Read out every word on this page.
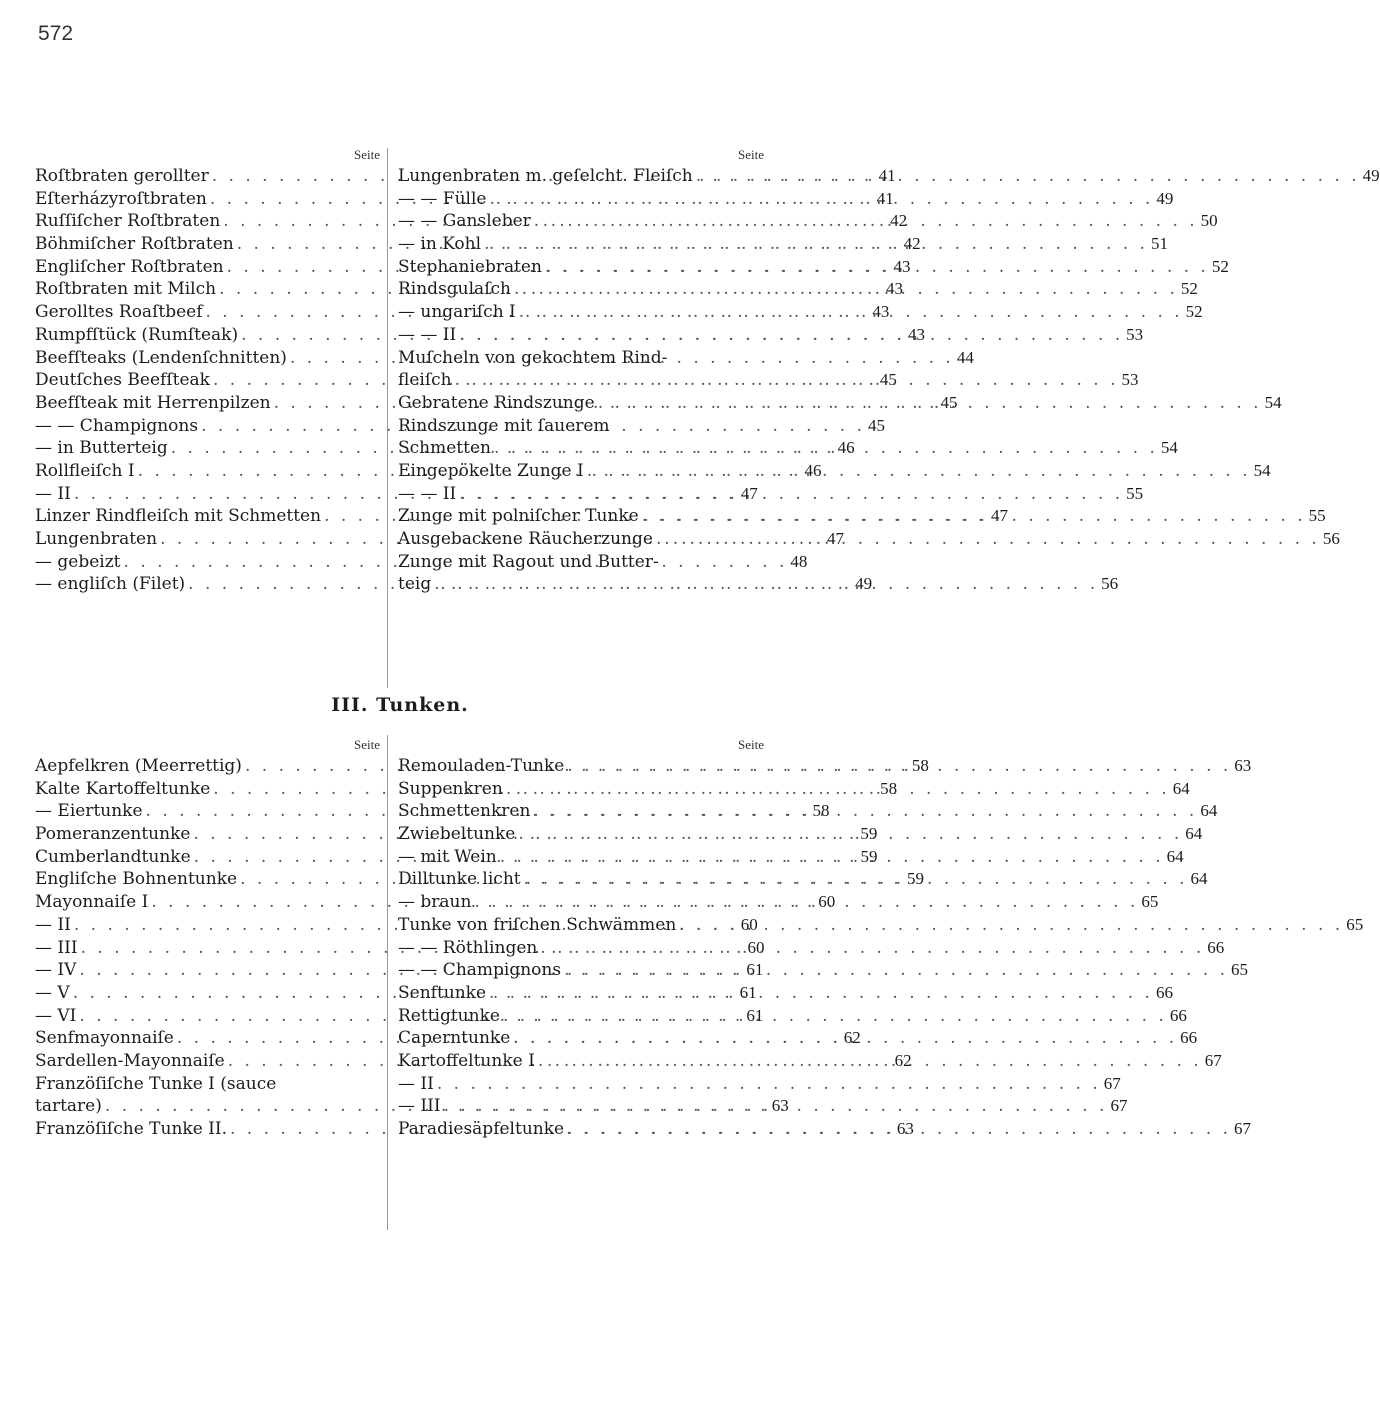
572
Seite
Roſtbraten gerollter . . .	41
Eſterházyroſtbraten . . .	41
Ruſſiſcher Roſtbraten . . .	42
Böhmiſcher Roſtbraten . . .	42
Engliſcher Roſtbraten . . .	43
Roſtbraten mit Milch . . .	43
Gerolltes Roaſtbeef . . .	43
Rumpfſtück (Rumſteak) . . .	43
Beefſteaks (Lendenſchnitten) . . .	44
Deutſches Beefſteak . . .	45
Beefſteak mit Herrenpilzen . . .	45
— — Champignons . . .	45
— in Butterteig . . .	46
Rollfleiſch I . . .	46
— II . . .	47
Linzer Rindfleiſch mit Schmetten . . .	47
Lungenbraten . . .	47
— gebeizt . . .	48
— engliſch (Filet) . . .	49
Seite
Lungenbraten m. geſelcht. Fleiſch . . .	49
— — Fülle . . .	49
— — Gansleber . . .	50
— in Kohl . . .	51
Stephaniebraten . . .	52
Rindsgulaſch . . .	52
— ungariſch I . . .	52
— — II . . .	53
Muſcheln von gekochtem Rind-
fleiſch . . .	53
Gebratene Rindszunge . . .	54
Rindszunge mit ſauerem
Schmetten . . .	54
Eingepökelte Zunge I . . .	54
— — II . . .	55
Zunge mit polniſcher Tunke . . .	55
Ausgebackene Räucherzunge . . .	56
Zunge mit Ragout und Butter-
teig . . .	56
III. Tunken.
Seite
Aepfelkren (Meerrettig) . . .	58
Kalte Kartoffeltunke . . .	58
— Eiertunke . . .	58
Pomeranzentunke . . .	59
Cumberlandtunke . . .	59
Engliſche Bohnentunke . . .	59
Mayonnaiſe I . . .	60
— II . . .	60
— III . . .	60
— IV . . .	61
— V . . .	61
— VI . . .	61
Senfmayonnaiſe . . .	62
Sardellen-Mayonnaiſe . . .	62
Franzöſiſche Tunke I (sauce
tartare) . . .	63
Franzöſiſche Tunke II. . . .	63
Seite
Remouladen-Tunke . . .	63
Suppenkren . . .	64
Schmettenkren . . .	64
Zwiebeltunke . . .	64
— mit Wein . . .	64
Dilltunke licht . . .	64
— braun . . .	65
Tunke von friſchen Schwämmen . . .	65
— — Röthlingen . . .	66
— — Champignons . . .	65
Senftunke . . .	66
Rettigtunke . . .	66
Caperntunke . . .	66
Kartoffeltunke I . . .	67
— II . . .	67
— III . . .	67
Paradiesäpfeltunke . . .	67
